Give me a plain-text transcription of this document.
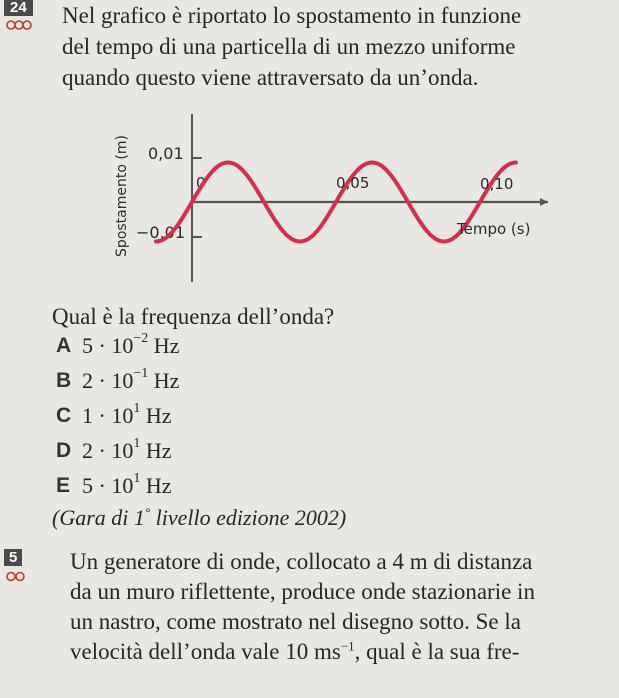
24 Nel grafico è riportato lo spostamento in funzione
del tempo di una particella di un mezzo uniforme
quando questo viene attraversato da un’onda.
Spostamento (m) 0,01
−0,01
0	0,05	0,10
Tempo (s)
Qual è la frequenza dell’onda?
A $5 \cdot 10^{-2}$ Hz
B $2 \cdot 10^{-1}$ Hz
C $1 \cdot 10^1$ Hz
D $2 \cdot 10^1$ Hz
E $5 \cdot 10^1$ Hz
(Gara di 1° livello edizione 2002)
5 Un generatore di onde, collocato a 4 m di distanza
da un muro riflettente, produce onde stazionarie in
un nastro, come mostrato nel disegno sotto. Se la
velocità dell’onda vale 10 $ms^{-1}$, qual è la sua fre-
